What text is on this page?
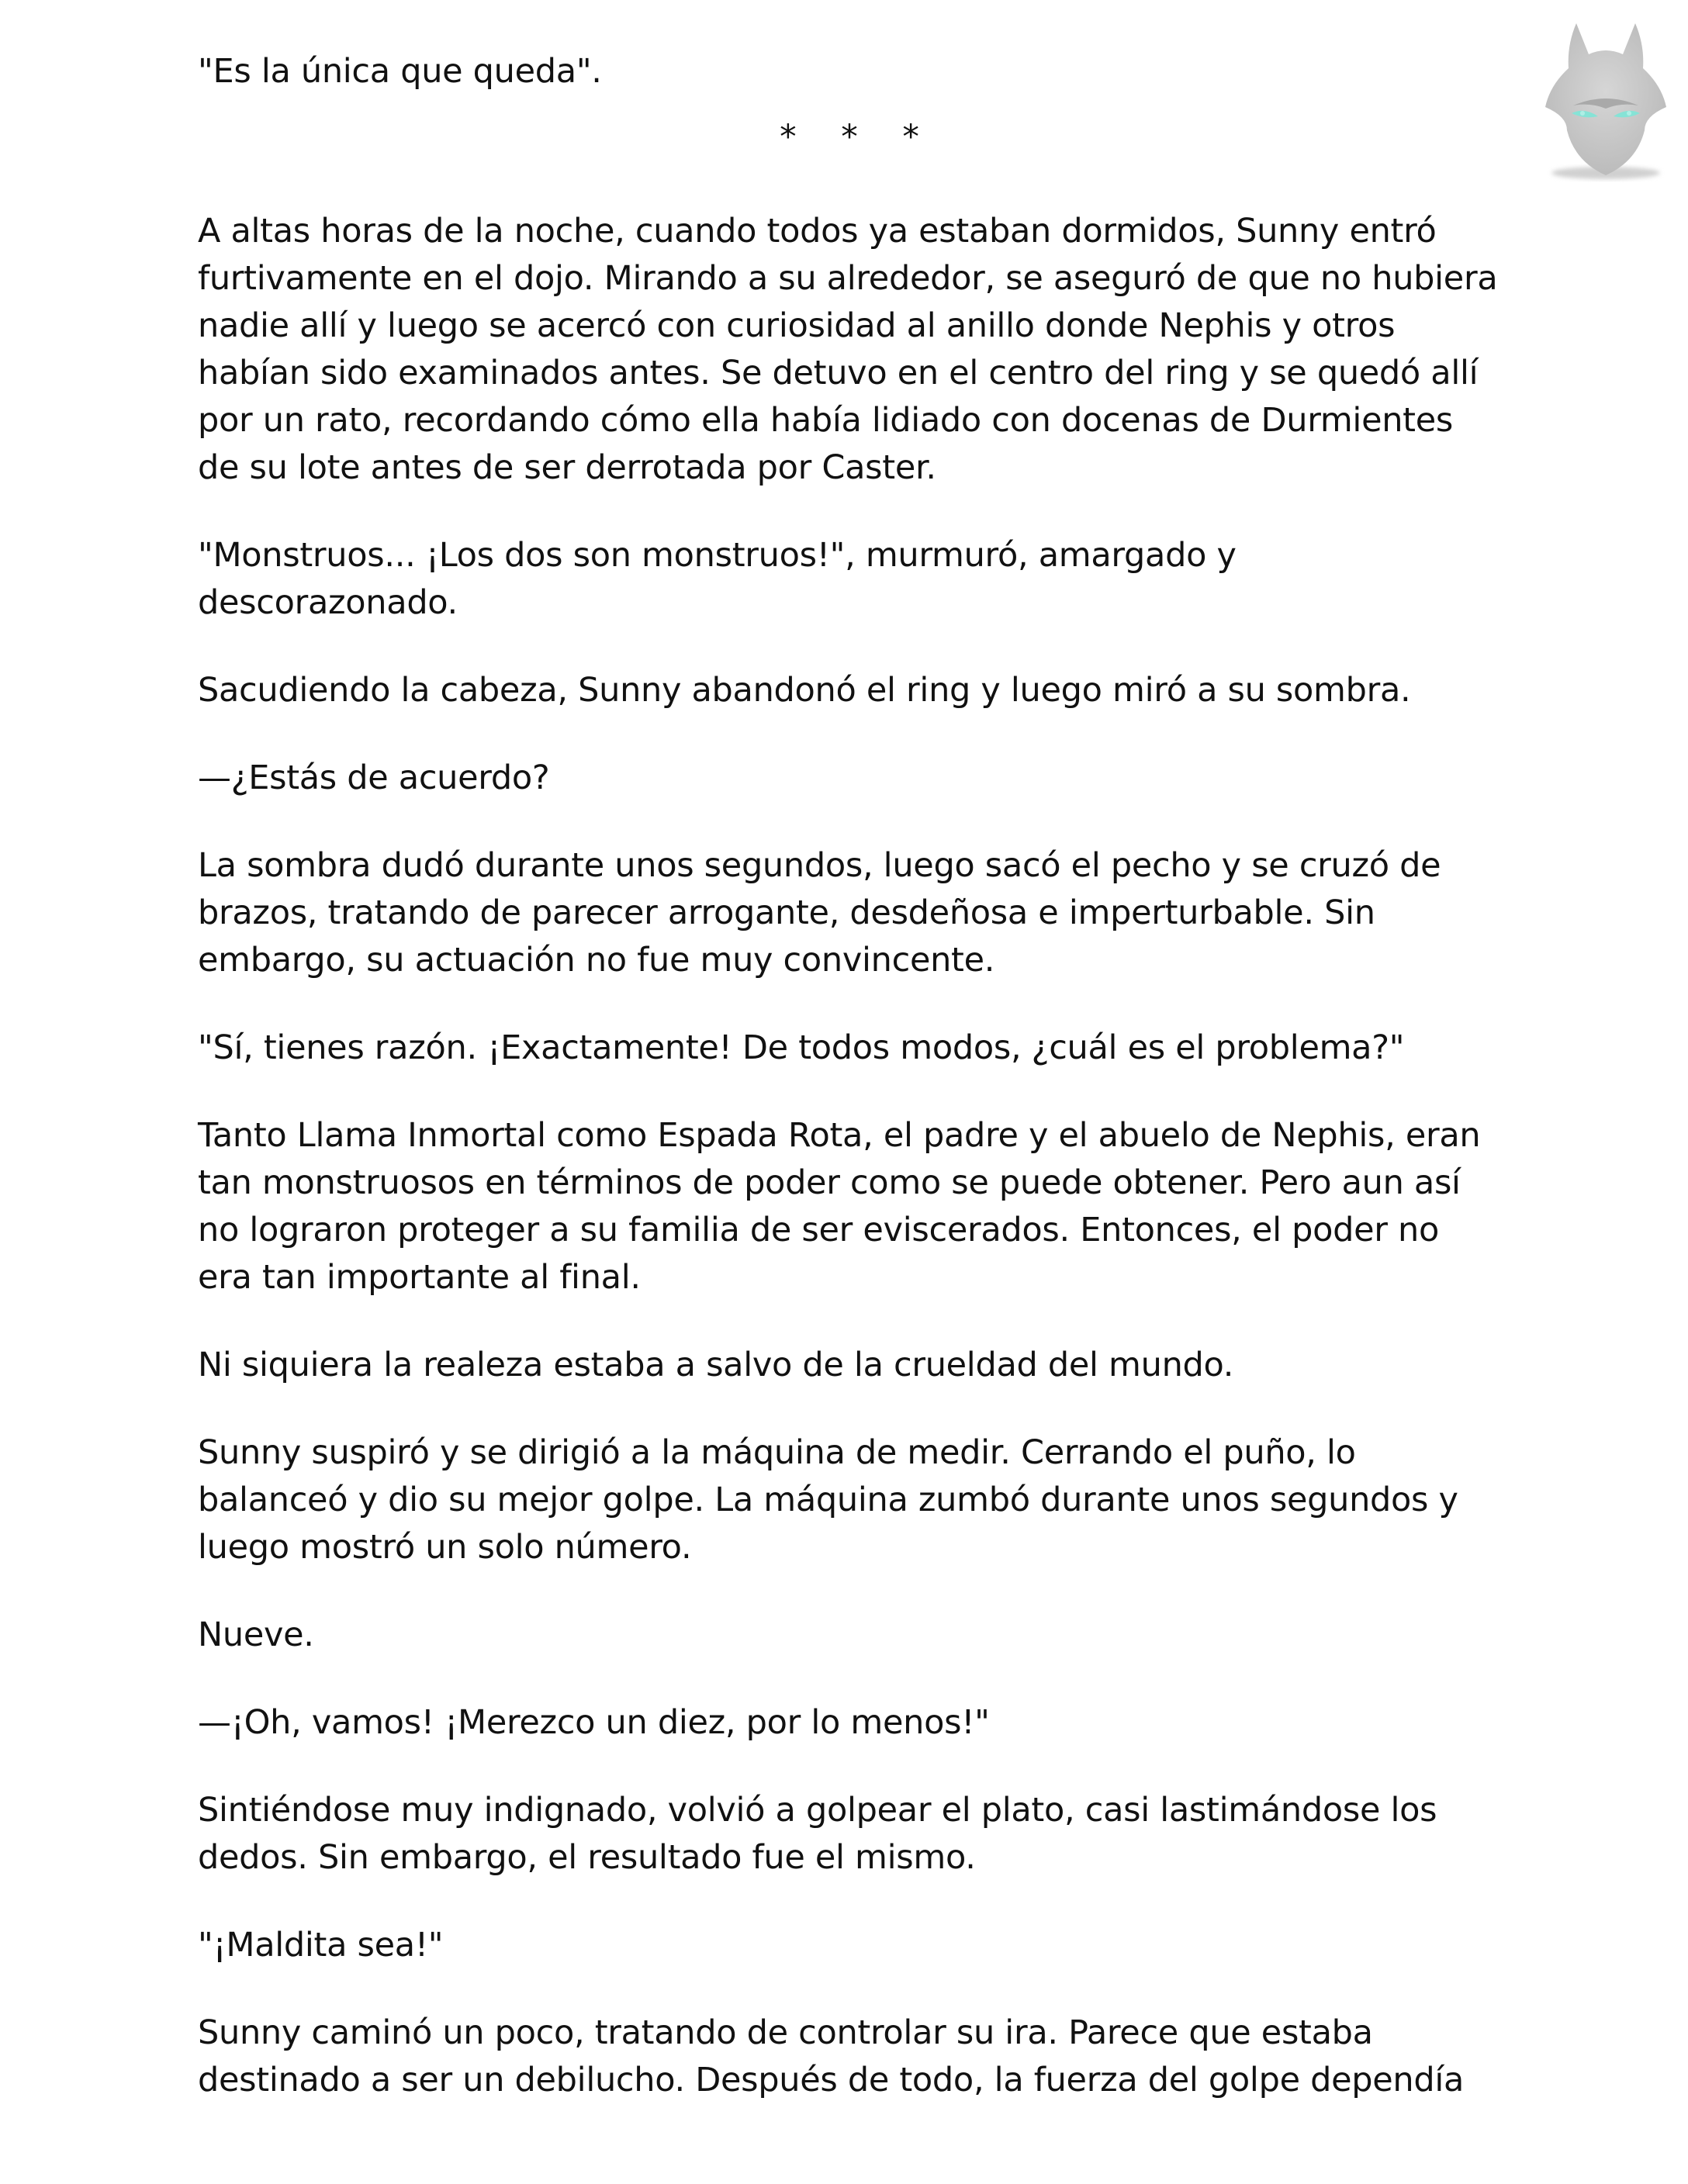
"Es la única que queda".

* * *

A altas horas de la noche, cuando todos ya estaban dormidos, Sunny entró furtivamente en el dojo. Mirando a su alrededor, se aseguró de que no hubiera nadie allí y luego se acercó con curiosidad al anillo donde Nephis y otros habían sido examinados antes. Se detuvo en el centro del ring y se quedó allí por un rato, recordando cómo ella había lidiado con docenas de Durmientes de su lote antes de ser derrotada por Caster.

"Monstruos... ¡Los dos son monstruos!", murmuró, amargado y descorazonado.

Sacudiendo la cabeza, Sunny abandonó el ring y luego miró a su sombra.

—¿Estás de acuerdo?

La sombra dudó durante unos segundos, luego sacó el pecho y se cruzó de brazos, tratando de parecer arrogante, desdeñosa e imperturbable. Sin embargo, su actuación no fue muy convincente.

"Sí, tienes razón. ¡Exactamente! De todos modos, ¿cuál es el problema?"

Tanto Llama Inmortal como Espada Rota, el padre y el abuelo de Nephis, eran tan monstruosos en términos de poder como se puede obtener. Pero aun así no lograron proteger a su familia de ser eviscerados. Entonces, el poder no era tan importante al final.

Ni siquiera la realeza estaba a salvo de la crueldad del mundo.

Sunny suspiró y se dirigió a la máquina de medir. Cerrando el puño, lo balanceó y dio su mejor golpe. La máquina zumbó durante unos segundos y luego mostró un solo número.

Nueve.

—¡Oh, vamos! ¡Merezco un diez, por lo menos!"

Sintiéndose muy indignado, volvió a golpear el plato, casi lastimándose los dedos. Sin embargo, el resultado fue el mismo.

"¡Maldita sea!"

Sunny caminó un poco, tratando de controlar su ira. Parece que estaba destinado a ser un debilucho. Después de todo, la fuerza del golpe dependía
